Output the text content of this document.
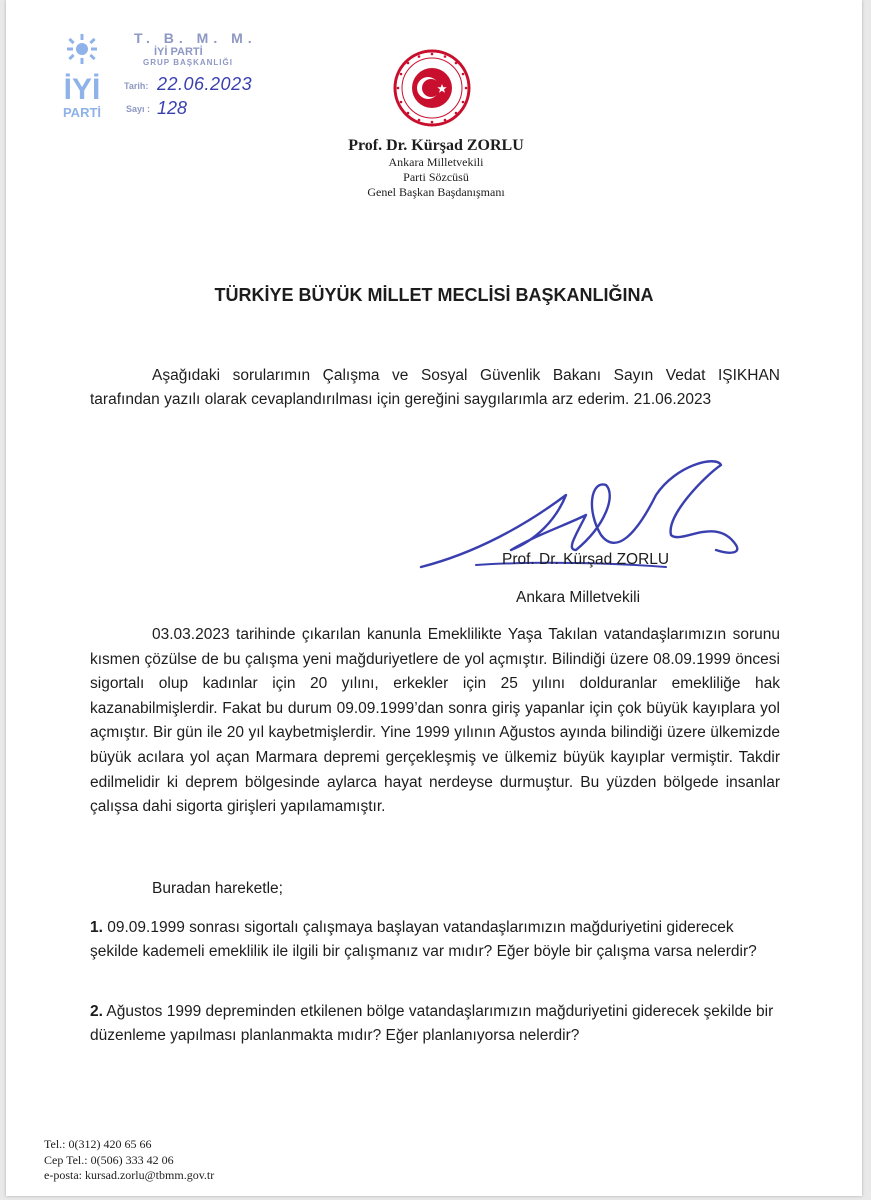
İYİ
PARTİ
T. B. M. M.
İYİ PARTİ
GRUP BAŞKANLIĞI
Tarih: 22.06.2023
Sayı : 128
Prof. Dr. Kürşad ZORLU
Ankara Milletvekili
Parti Sözcüsü
Genel Başkan Başdanışmanı
TÜRKİYE BÜYÜK MİLLET MECLİSİ BAŞKANLIĞINA
Aşağıdaki sorularımın Çalışma ve Sosyal Güvenlik Bakanı Sayın Vedat IŞIKHAN tarafından yazılı olarak cevaplandırılması için gereğini saygılarımla arz ederim. 21.06.2023
Prof. Dr. Kürşad ZORLU
Ankara Milletvekili
03.03.2023 tarihinde çıkarılan kanunla Emeklilikte Yaşa Takılan vatandaşlarımızın sorunu kısmen çözülse de bu çalışma yeni mağduriyetlere de yol açmıştır. Bilindiği üzere 08.09.1999 öncesi sigortalı olup kadınlar için 20 yılını, erkekler için 25 yılını dolduranlar emekliliğe hak kazanabilmişlerdir. Fakat bu durum 09.09.1999’dan sonra giriş yapanlar için çok büyük kayıplara yol açmıştır. Bir gün ile 20 yıl kaybetmişlerdir. Yine 1999 yılının Ağustos ayında bilindiği üzere ülkemizde büyük acılara yol açan Marmara depremi gerçekleşmiş ve ülkemiz büyük kayıplar vermiştir. Takdir edilmelidir ki deprem bölgesinde aylarca hayat nerdeyse durmuştur. Bu yüzden bölgede insanlar çalışsa dahi sigorta girişleri yapılamamıştır.
Buradan hareketle;
1. 09.09.1999 sonrası sigortalı çalışmaya başlayan vatandaşlarımızın mağduriyetini giderecek şekilde kademeli emeklilik ile ilgili bir çalışmanız var mıdır? Eğer böyle bir çalışma varsa nelerdir?
2. Ağustos 1999 depreminden etkilenen bölge vatandaşlarımızın mağduriyetini giderecek şekilde bir düzenleme yapılması planlanmakta mıdır? Eğer planlanıyorsa nelerdir?
Tel.: 0(312) 420 65 66
Cep Tel.: 0(506) 333 42 06
e-posta: kursad.zorlu@tbmm.gov.tr
